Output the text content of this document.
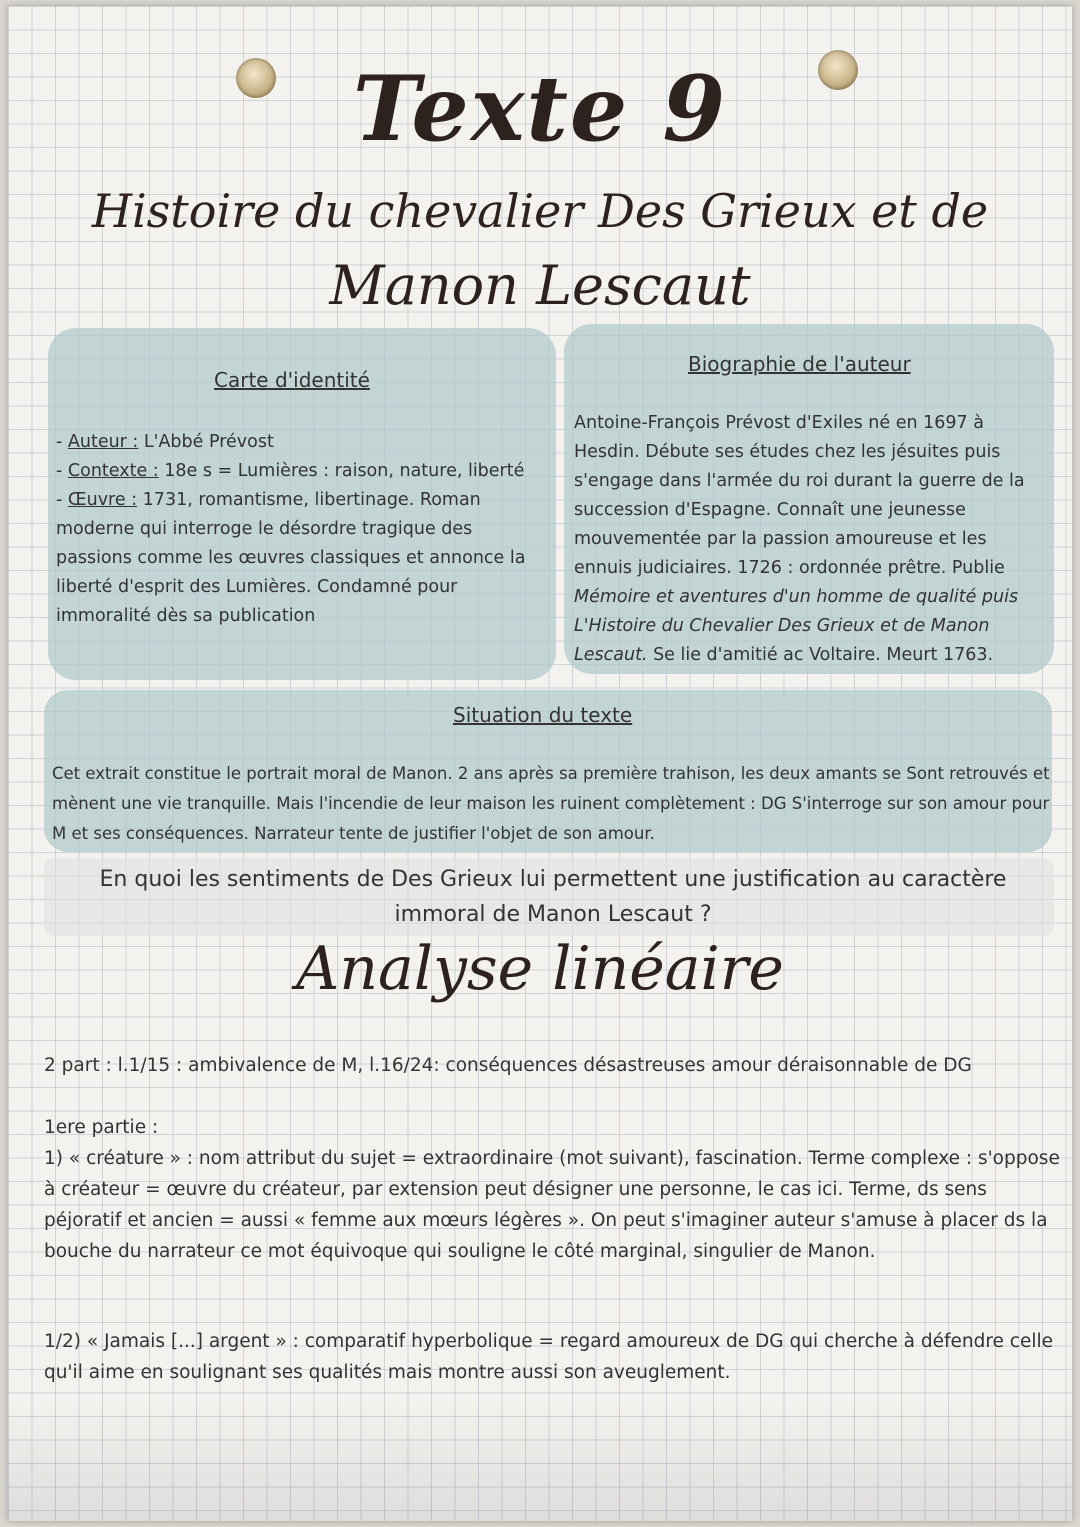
Texte 9
Histoire du chevalier Des Grieux et de
Manon Lescaut
Carte d'identité
- Auteur : L'Abbé Prévost
- Contexte : 18e s = Lumières : raison, nature, liberté
- Œuvre : 1731, romantisme, libertinage. Roman moderne qui interroge le désordre tragique des passions comme les œuvres classiques et annonce la liberté d'esprit des Lumières. Condamné pour immoralité dès sa publication
Biographie de l'auteur
Antoine-François Prévost d'Exiles né en 1697 à Hesdin. Débute ses études chez les jésuites puis s'engage dans l'armée du roi durant la guerre de la succession d'Espagne. Connaît une jeunesse mouvementée par la passion amoureuse et les ennuis judiciaires. 1726 : ordonnée prêtre. Publie Mémoire et aventures d'un homme de qualité puis L'Histoire du Chevalier Des Grieux et de Manon Lescaut. Se lie d'amitié ac Voltaire. Meurt 1763.
Situation du texte
Cet extrait constitue le portrait moral de Manon. 2 ans après sa première trahison, les deux amants se Sont retrouvés et mènent une vie tranquille. Mais l'incendie de leur maison les ruinent complètement : DG S'interroge sur son amour pour M et ses conséquences. Narrateur tente de justifier l'objet de son amour.
En quoi les sentiments de Des Grieux lui permettent une justification au caractère immoral de Manon Lescaut ?
Analyse linéaire
2 part : l.1/15 : ambivalence de M, l.16/24: conséquences désastreuses amour déraisonnable de DG
1ere partie :
1) « créature » : nom attribut du sujet = extraordinaire (mot suivant), fascination. Terme complexe : s'oppose à créateur = œuvre du créateur, par extension peut désigner une personne, le cas ici. Terme, ds sens péjoratif et ancien = aussi « femme aux mœurs légères ». On peut s'imaginer auteur s'amuse à placer ds la bouche du narrateur ce mot équivoque qui souligne le côté marginal, singulier de Manon.
1/2) « Jamais [...] argent » : comparatif hyperbolique = regard amoureux de DG qui cherche à défendre celle qu'il aime en soulignant ses qualités mais montre aussi son aveuglement.
